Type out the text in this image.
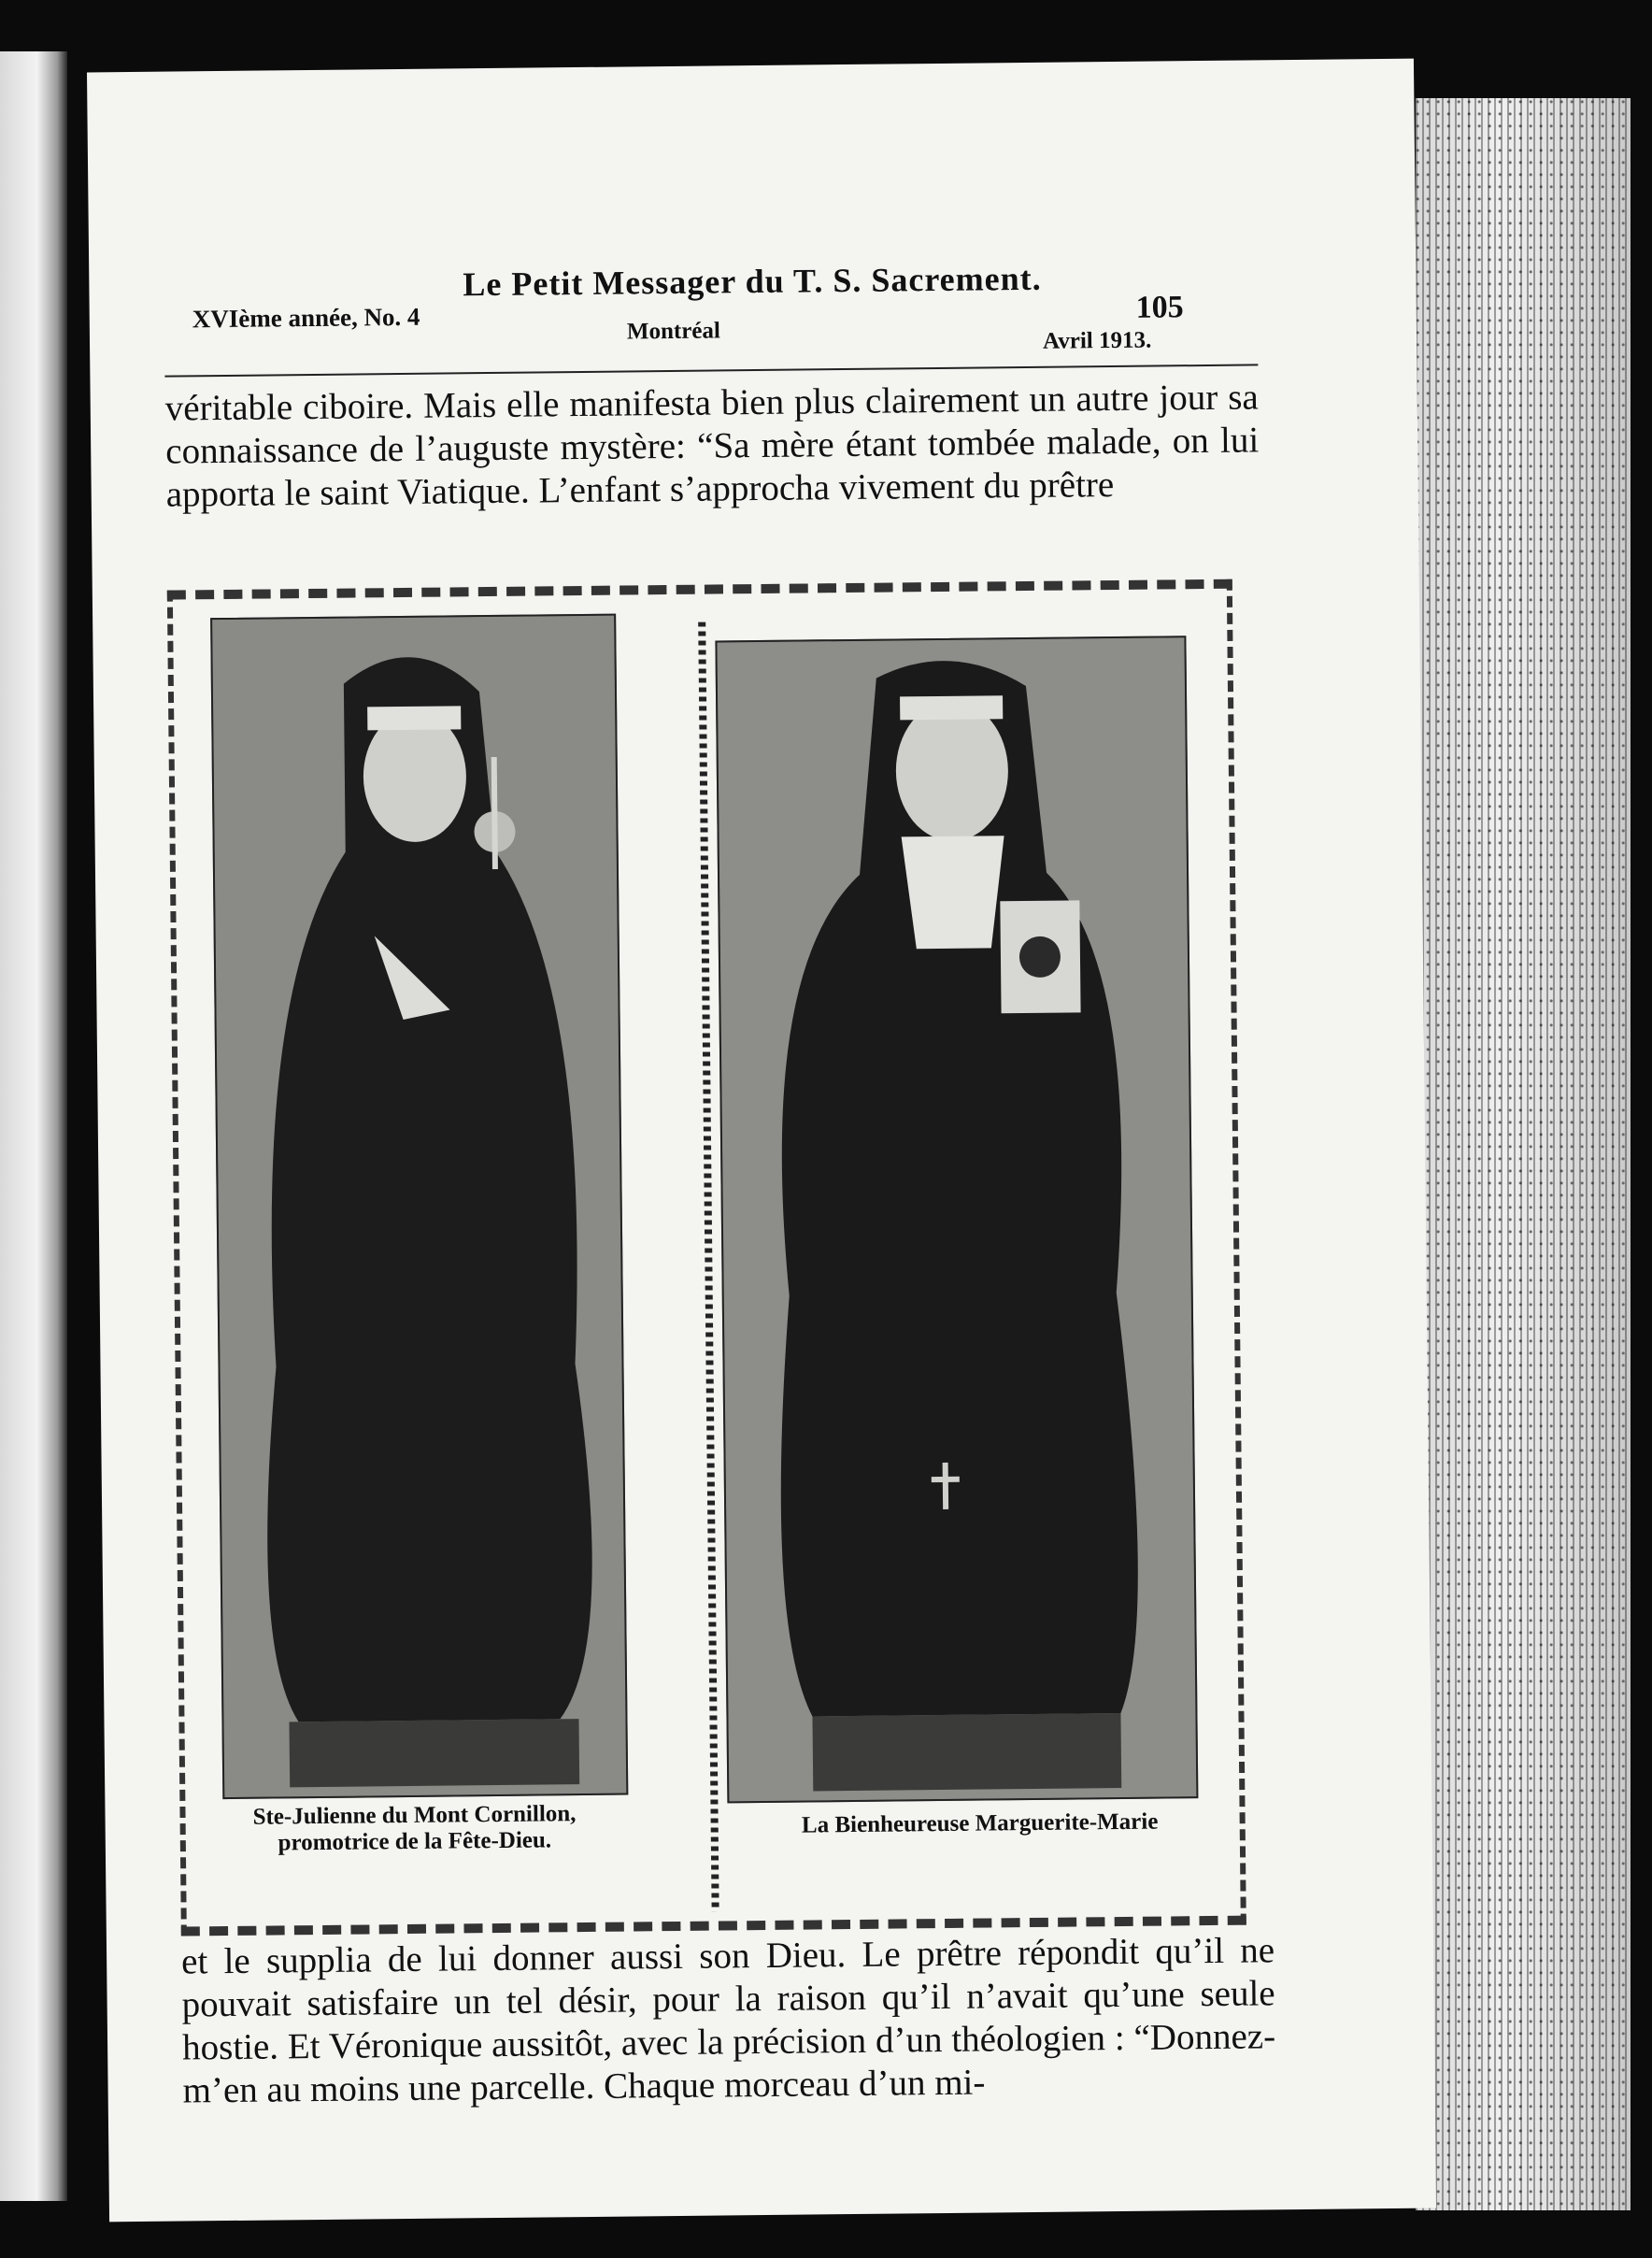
Le Petit Messager du T. S. Sacrement.
XVIème année, No. 4	Montréal
105
Avril 1913.

véritable ciboire. Mais elle manifesta bien plus clairement un autre jour sa connaissance de l’auguste mystère: “Sa mère étant tombée malade, on lui apporta le saint Viatique. L’enfant s’approcha vivement du prêtre

Ste-Julienne du Mont Cornillon,
promotrice de la Fête-Dieu.
La Bienheureuse Marguerite-Marie

et le supplia de lui donner aussi son Dieu. Le prêtre répondit qu’il ne pouvait satisfaire un tel désir, pour la raison qu’il n’avait qu’une seule hostie. Et Véronique aussitôt, avec la précision d’un théologien : “Donnez-m’en au moins une parcelle. Chaque morceau d’un mi-
